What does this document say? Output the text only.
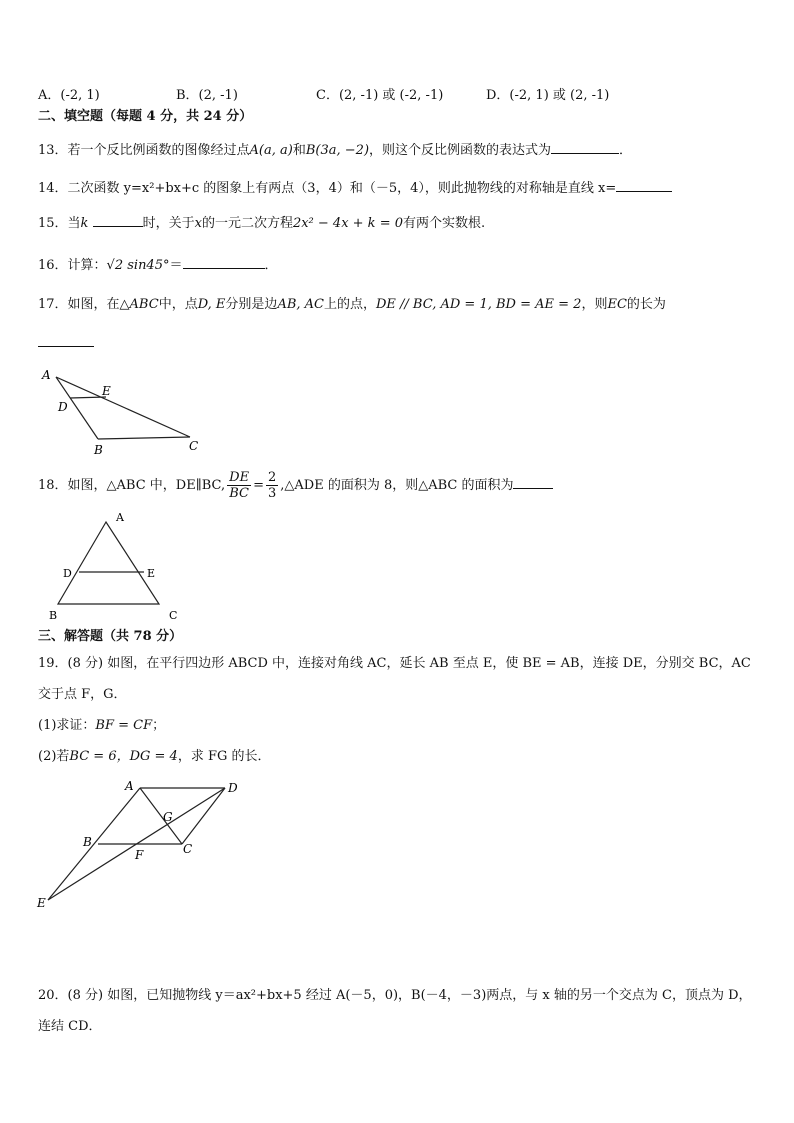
A．(-2, 1)	B．(2, -1)	C．(2, -1) 或 (-2, -1)	D．(-2, 1) 或 (2, -1)
二、填空题（每题 4 分，共 24 分）
13．若一个反比例函数的图像经过点A(a, a)和B(3a, −2)，则这个反比例函数的表达式为	．
14．二次函数 y=x²+bx+c 的图象上有两点（3，4）和（－5，4），则此抛物线的对称轴是直线 x=
15．当k	时，关于x的一元二次方程2x² − 4x + k = 0有两个实数根.
16．计算：√2 sin45°＝	．
17．如图，在△ABC中，点D, E分别是边AB, AC上的点，DE // BC, AD = 1, BD = AE = 2，则EC的长为
A
D
E
B	C
18．如图，△ABC 中，DE∥BC, $\frac{DE}{BC} = \frac{2}{3}$ ,△ADE 的面积为 8，则△ABC 的面积为
A
D	E
B	C
三、解答题（共 78 分）
19．(8 分) 如图，在平行四边形 ABCD 中，连接对角线 AC，延长 AB 至点 E，使 BE = AB，连接 DE，分别交 BC，AC
交于点 F，G．
(1)求证：BF = CF；
(2)若BC = 6，DG = 4，求 FG 的长．
A	D
G
B	C
F
E
20．(8 分) 如图，已知抛物线 y＝ax²+bx+5 经过 A(－5，0)，B(－4，－3)两点，与 x 轴的另一个交点为 C，顶点为 D，
连结 CD．
